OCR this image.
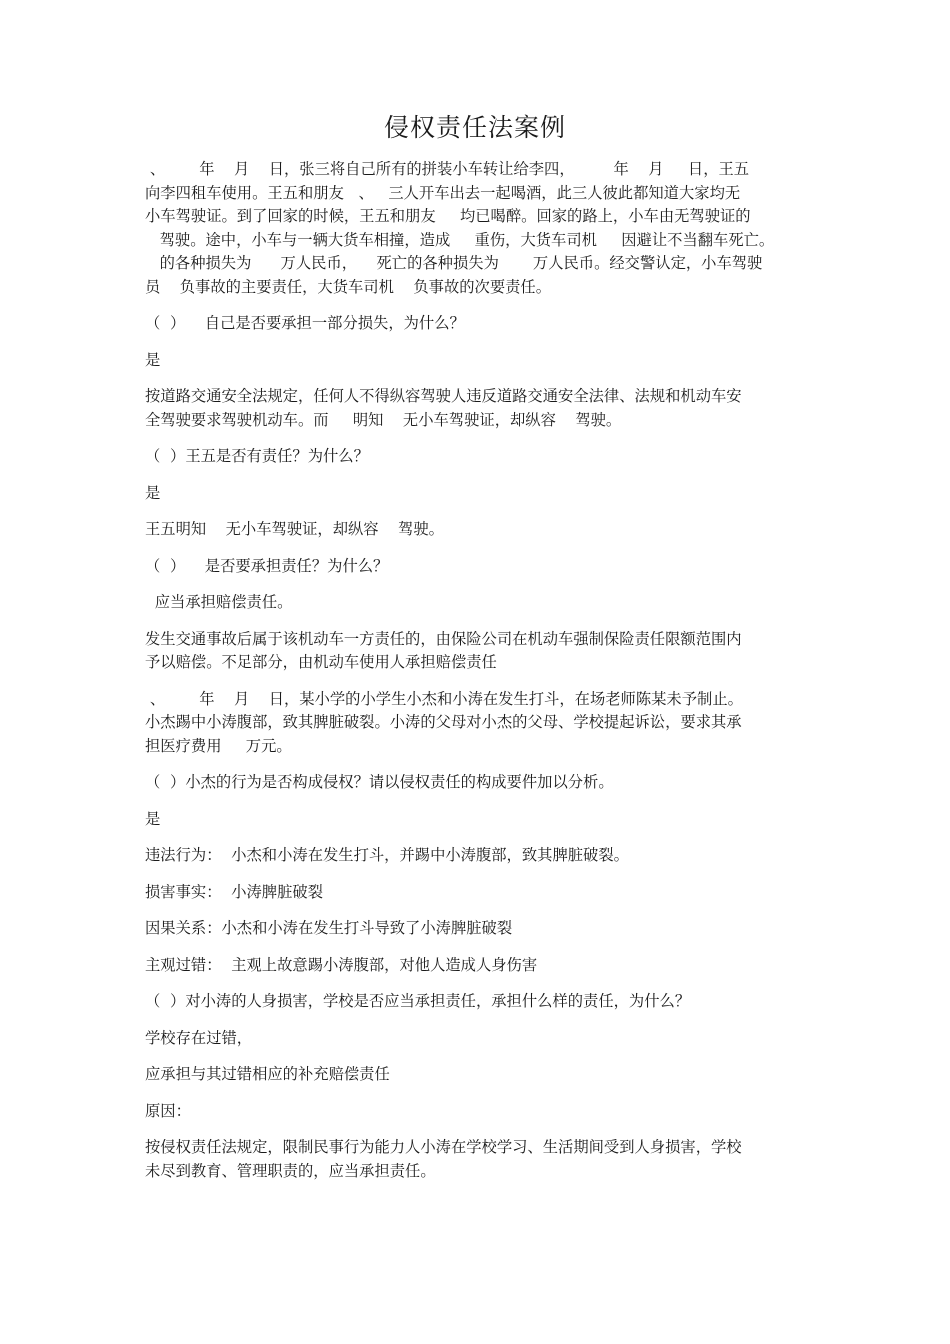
侵权责任法案例

、       年    月    日，张三将自己所有的拼装小车转让给李四，        年    月     日，王五

向李四租车使用。王五和朋友   、   三人开车出去一起喝酒，此三人彼此都知道大家均无

小车驾驶证。到了回家的时候，王五和朋友     均已喝醉。回家的路上，小车由无驾驶证的

驾驶。途中，小车与一辆大货车相撞，造成     重伤，大货车司机     因避让不当翻车死亡。

的各种损失为      万人民币，    死亡的各种损失为       万人民币。经交警认定，小车驾驶

员    负事故的主要责任，大货车司机    负事故的次要责任。

（  ）    自己是否要承担一部分损失，为什么？

是

按道路交通安全法规定，任何人不得纵容驾驶人违反道路交通安全法律、法规和机动车安

全驾驶要求驾驶机动车。而     明知    无小车驾驶证，却纵容    驾驶。

（  ）王五是否有责任？为什么？

是

王五明知    无小车驾驶证，却纵容    驾驶。

（  ）    是否要承担责任？为什么？

应当承担赔偿责任。

发生交通事故后属于该机动车一方责任的，由保险公司在机动车强制保险责任限额范围内

予以赔偿。不足部分，由机动车使用人承担赔偿责任

、       年    月    日，某小学的小学生小杰和小涛在发生打斗，在场老师陈某未予制止。

小杰踢中小涛腹部，致其脾脏破裂。小涛的父母对小杰的父母、学校提起诉讼，要求其承

担医疗费用     万元。

（  ）小杰的行为是否构成侵权？请以侵权责任的构成要件加以分析。

是

违法行为：  小杰和小涛在发生打斗，并踢中小涛腹部，致其脾脏破裂。

损害事实：  小涛脾脏破裂

因果关系：小杰和小涛在发生打斗导致了小涛脾脏破裂

主观过错：  主观上故意踢小涛腹部，对他人造成人身伤害

（  ）对小涛的人身损害，学校是否应当承担责任，承担什么样的责任，为什么？

学校存在过错，

应承担与其过错相应的补充赔偿责任

原因：

按侵权责任法规定，限制民事行为能力人小涛在学校学习、生活期间受到人身损害，学校

未尽到教育、管理职责的，应当承担责任。
